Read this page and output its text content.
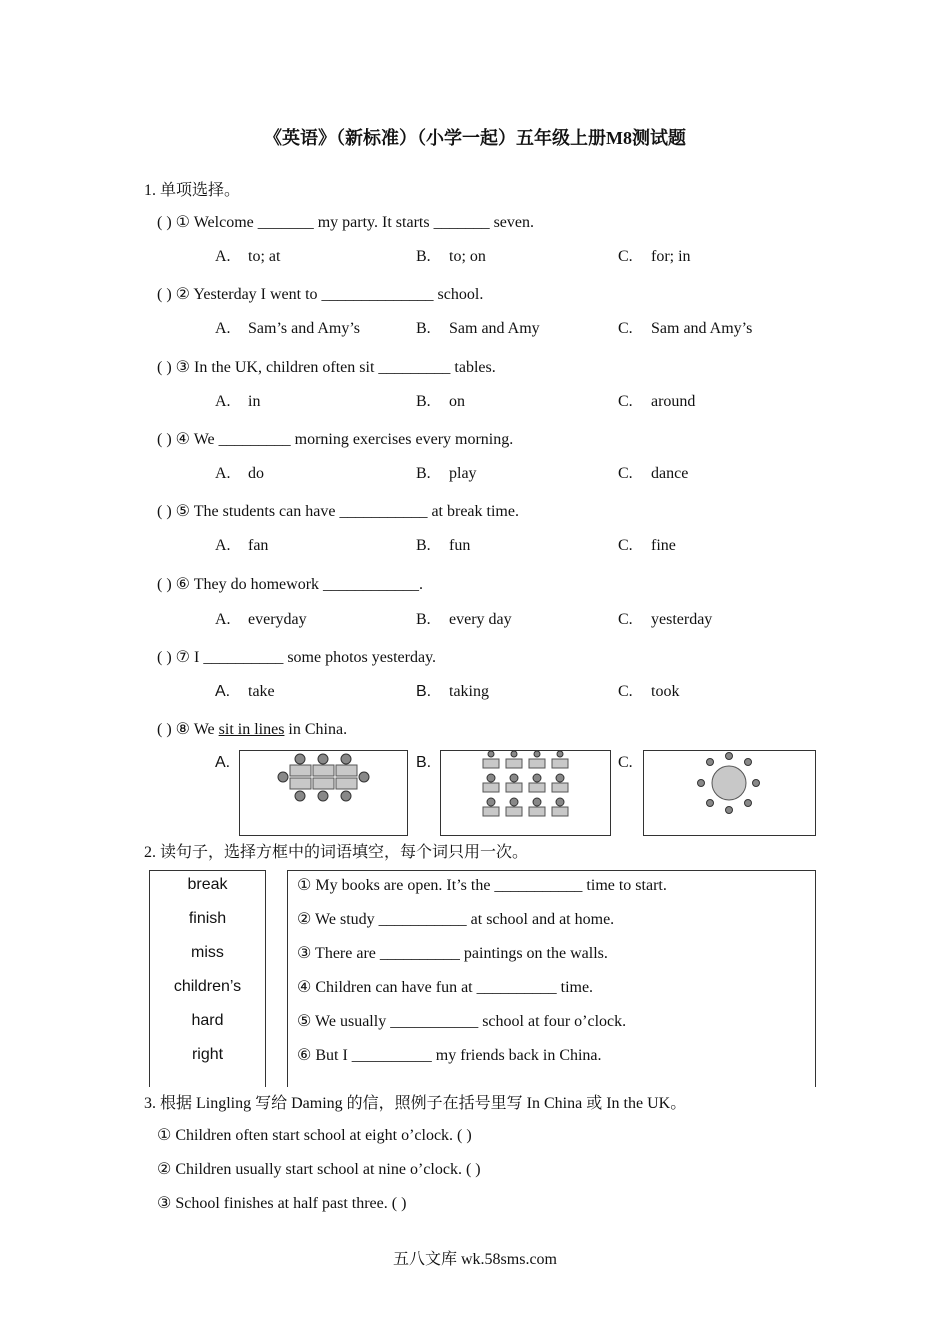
《英语》（新标准）（小学一起）五年级上册M8测试题
1. 单项选择。
( ) ① Welcome _______ my party. It starts _______ seven.
A. to; at	B. to; on	C. for; in
( ) ② Yesterday I went to ______________ school.
A. Sam’s and Amy’s	B. Sam and Amy	C. Sam and Amy’s
( ) ③ In the UK, children often sit _________ tables.
A. in	B. on	C. around
( ) ④ We _________ morning exercises every morning.
A. do	B. play	C. dance
( ) ⑤ The students can have ___________ at break time.
A. fan	B. fun	C. fine
( ) ⑥ They do homework ____________.
A. everyday	B. every day	C. yesterday
( ) ⑦ I __________ some photos yesterday.
A. take	B. taking	C. took
( ) ⑧ We sit in lines in China.
A.	B.	C.
2. 读句子，选择方框中的词语填空，每个词只用一次。
break
finish
miss
children’s
hard
right
① My books are open. It’s the ___________ time to start.
② We study ___________ at school and at home.
③ There are __________ paintings on the walls.
④ Children can have fun at __________ time.
⑤ We usually ___________ school at four o’clock.
⑥ But I __________ my friends back in China.
3. 根据 Lingling 写给 Daming 的信，照例子在括号里写 In China 或 In the UK。
① Children often start school at eight o’clock. ( )
② Children usually start school at nine o’clock. ( )
③ School finishes at half past three. ( )
五八文库 wk.58sms.com
